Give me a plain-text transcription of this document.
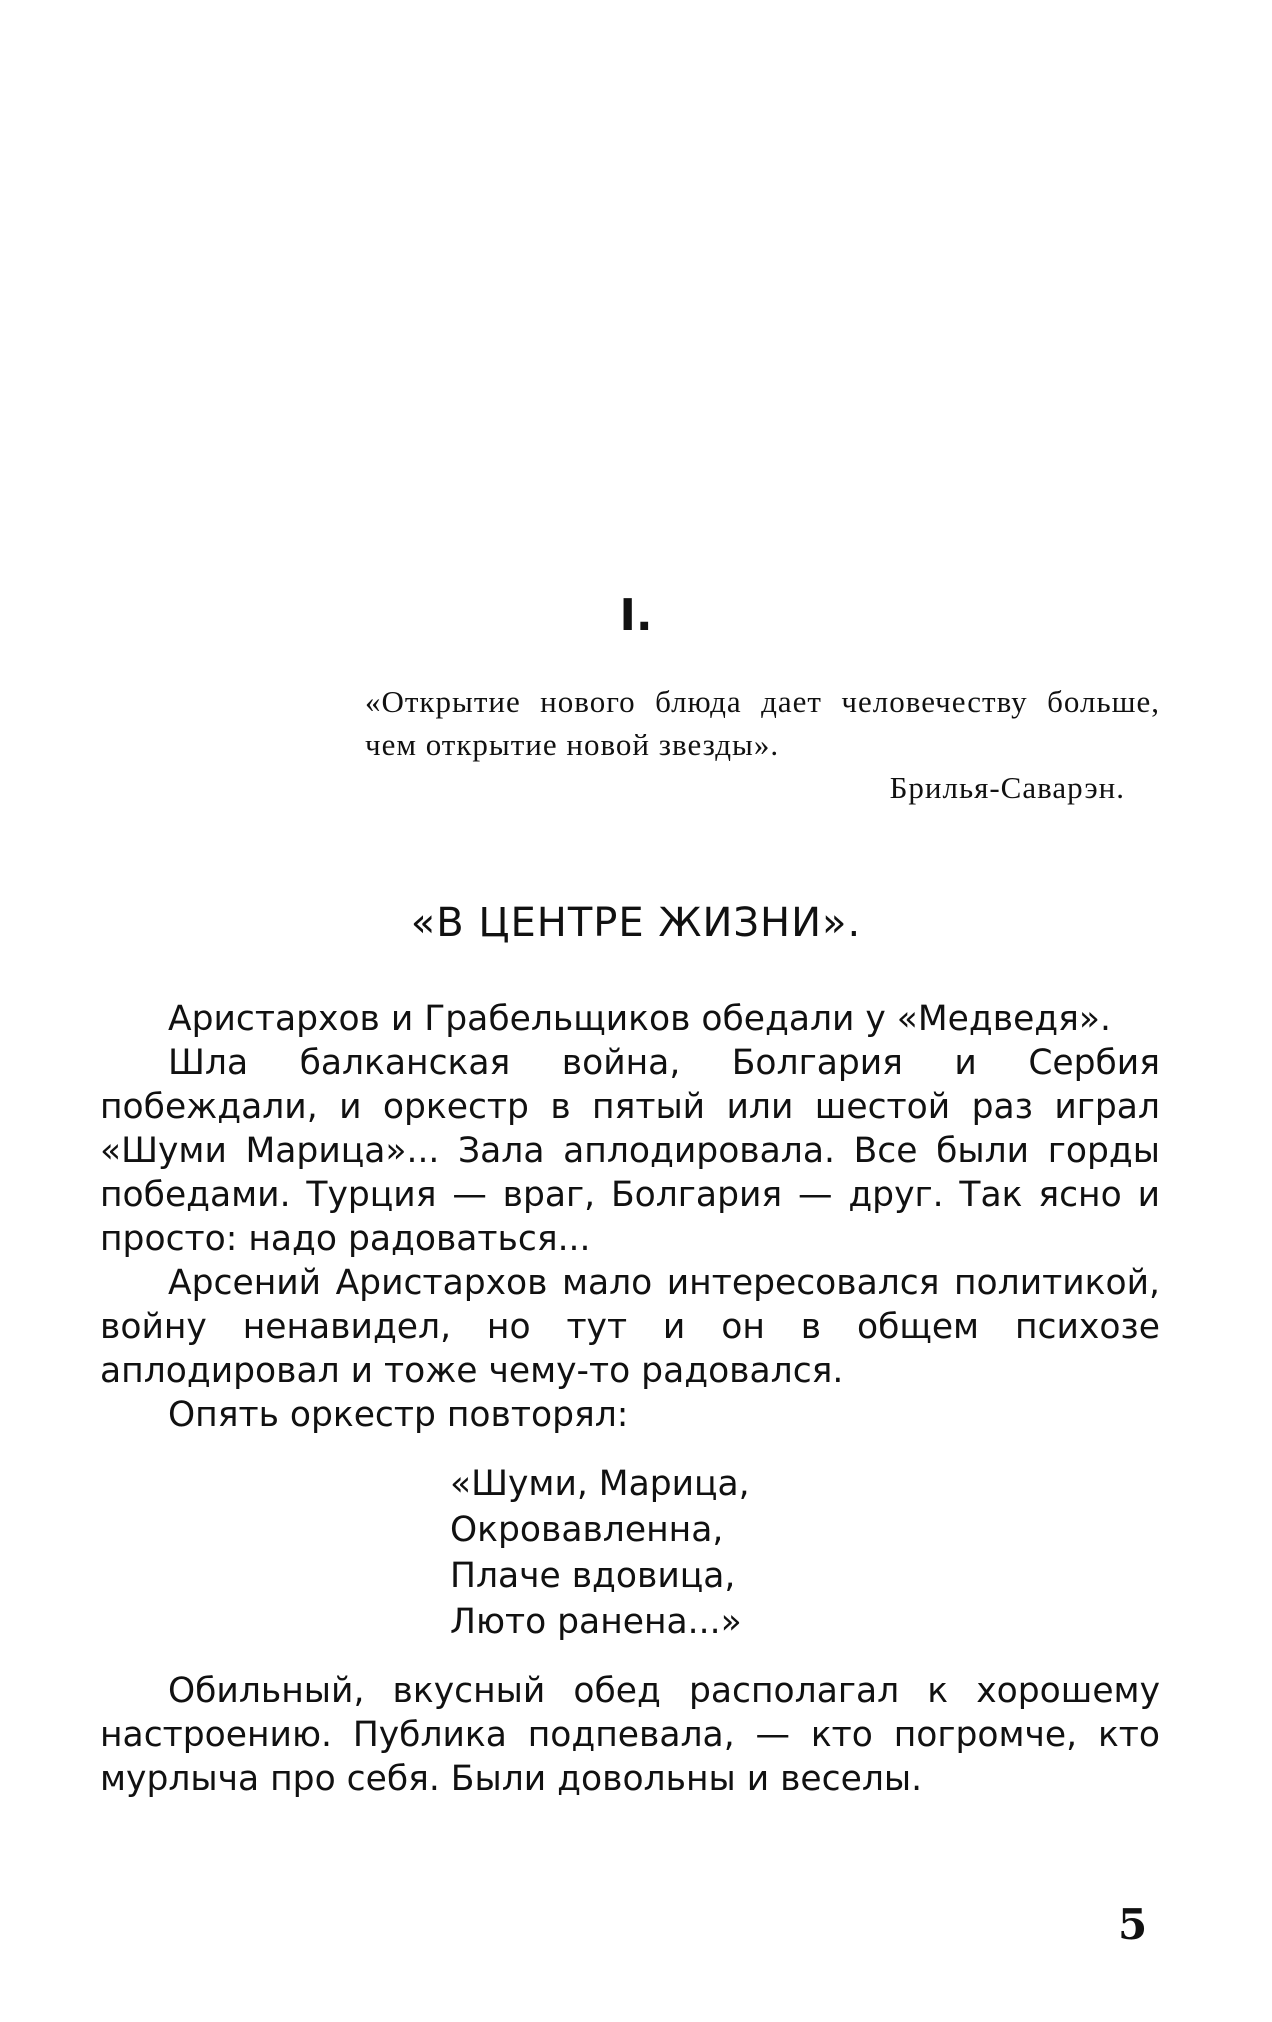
I.
«Открытие нового блюда дает человечеству больше, чем открытие новой звезды».
Брилья-Саварэн.
«В ЦЕНТРЕ ЖИЗНИ».

Аристархов и Грабельщиков обедали у «Медведя».

Шла балканская война, Болгария и Сербия побеждали, и оркестр в пятый или шестой раз играл «Шуми Марица»... Зала аплодировала. Все были горды победами. Турция — враг, Болгария — друг. Так ясно и просто: надо радоваться...

Арсений Аристархов мало интересовался политикой, войну ненавидел, но тут и он в общем психозе аплодировал и тоже чему-то радовался.

Опять оркестр повторял:

«Шуми, Марица,
Окровавленна,
Плаче вдовица,
Люто ранена...»

Обильный, вкусный обед располагал к хорошему настроению. Публика подпевала, — кто погромче, кто мурлыча про себя. Были довольны и веселы.

5
